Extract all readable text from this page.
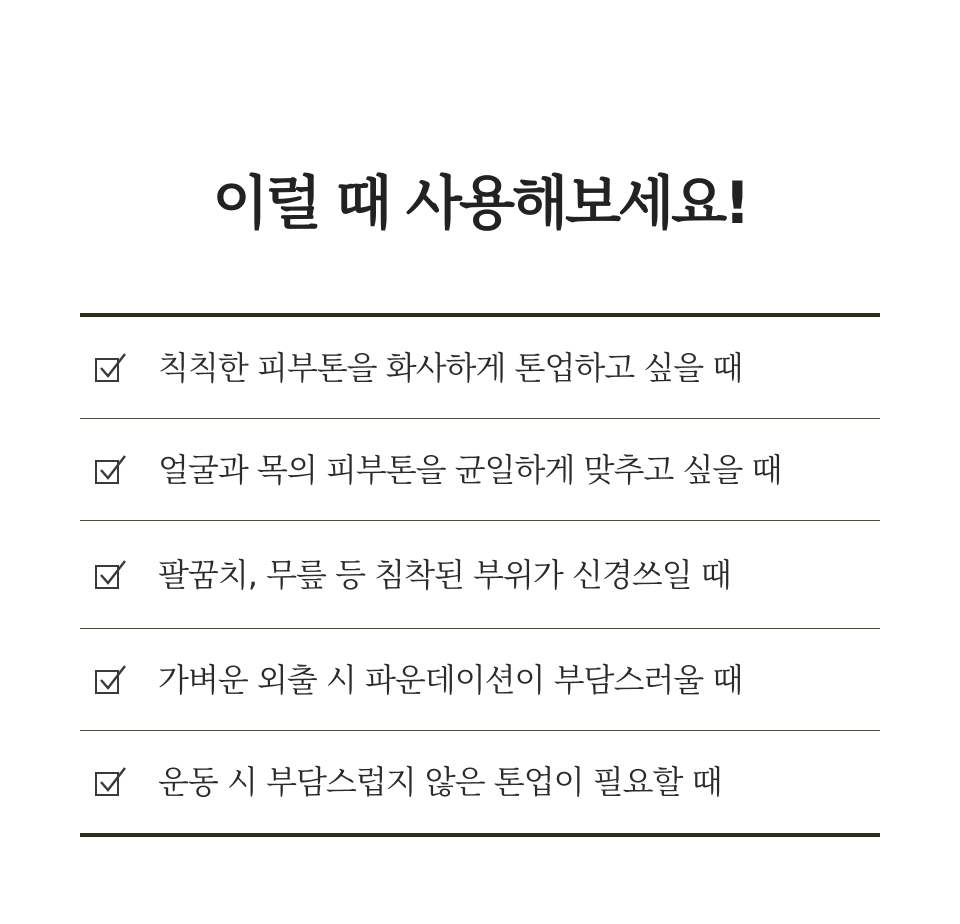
이럴 때 사용해보세요!
칙칙한 피부톤을 화사하게 톤업하고 싶을 때
얼굴과 목의 피부톤을 균일하게 맞추고 싶을 때
팔꿈치, 무릎 등 침착된 부위가 신경쓰일 때
가벼운 외출 시 파운데이션이 부담스러울 때
운동 시 부담스럽지 않은 톤업이 필요할 때
